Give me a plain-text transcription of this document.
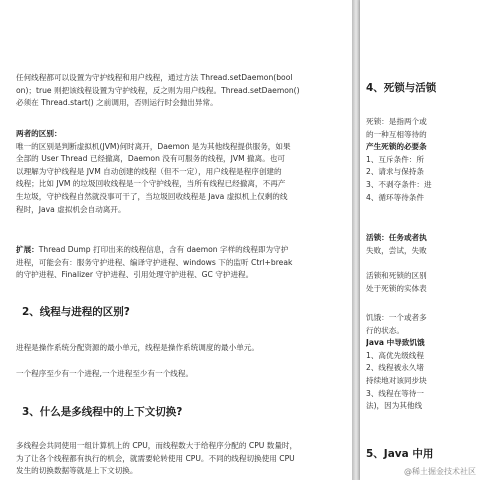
任何线程都可以设置为守护线程和用户线程，通过方法 Thread.setDaemon(bool
on)；true 则把该线程设置为守护线程，反之则为用户线程。Thread.setDaemon()
必须在 Thread.start() 之前调用，否则运行时会抛出异常。
两者的区别：
唯一的区别是判断虚拟机(JVM)何时离开，Daemon 是为其他线程提供服务，如果
全部的 User Thread 已经撤离，Daemon 没有可服务的线程，JVM 撤离。也可
以理解为守护线程是 JVM 自动创建的线程（但不一定），用户线程是程序创建的
线程；比如 JVM 的垃圾回收线程是一个守护线程，当所有线程已经撤离，不再产
生垃圾，守护线程自然就没事可干了，当垃圾回收线程是 Java 虚拟机上仅剩的线
程时，Java 虚拟机会自动离开。
扩展：Thread Dump 打印出来的线程信息，含有 daemon 字样的线程即为守护
进程，可能会有：服务守护进程、编译守护进程、windows 下的监听 Ctrl+break
的守护进程、Finalizer 守护进程、引用处理守护进程、GC 守护进程。
2、线程与进程的区别?
进程是操作系统分配资源的最小单元，线程是操作系统调度的最小单元。
一个程序至少有一个进程,一个进程至少有一个线程。
3、什么是多线程中的上下文切换?
多线程会共同使用一组计算机上的 CPU，而线程数大于给程序分配的 CPU 数量时，
为了让各个线程都有执行的机会，就需要轮转使用 CPU。不同的线程切换使用 CPU
发生的切换数据等就是上下文切换。
4、死锁与活锁
死锁：是指两个或
的一种互相等待的
产生死锁的必要条
1、互斥条件：所
2、请求与保持条
3、不剥夺条件：进
4、循环等待条件
活锁：任务或者执
失败，尝试，失败
活锁和死锁的区别
处于死锁的实体表
饥饿：一个或者多
行的状态。
Java 中导致饥饿
1、高优先级线程
2、线程被永久堵
持续地对该同步块
3、线程在等待一
法)，因为其他线
5、Java 中用
@稀土掘金技术社区
